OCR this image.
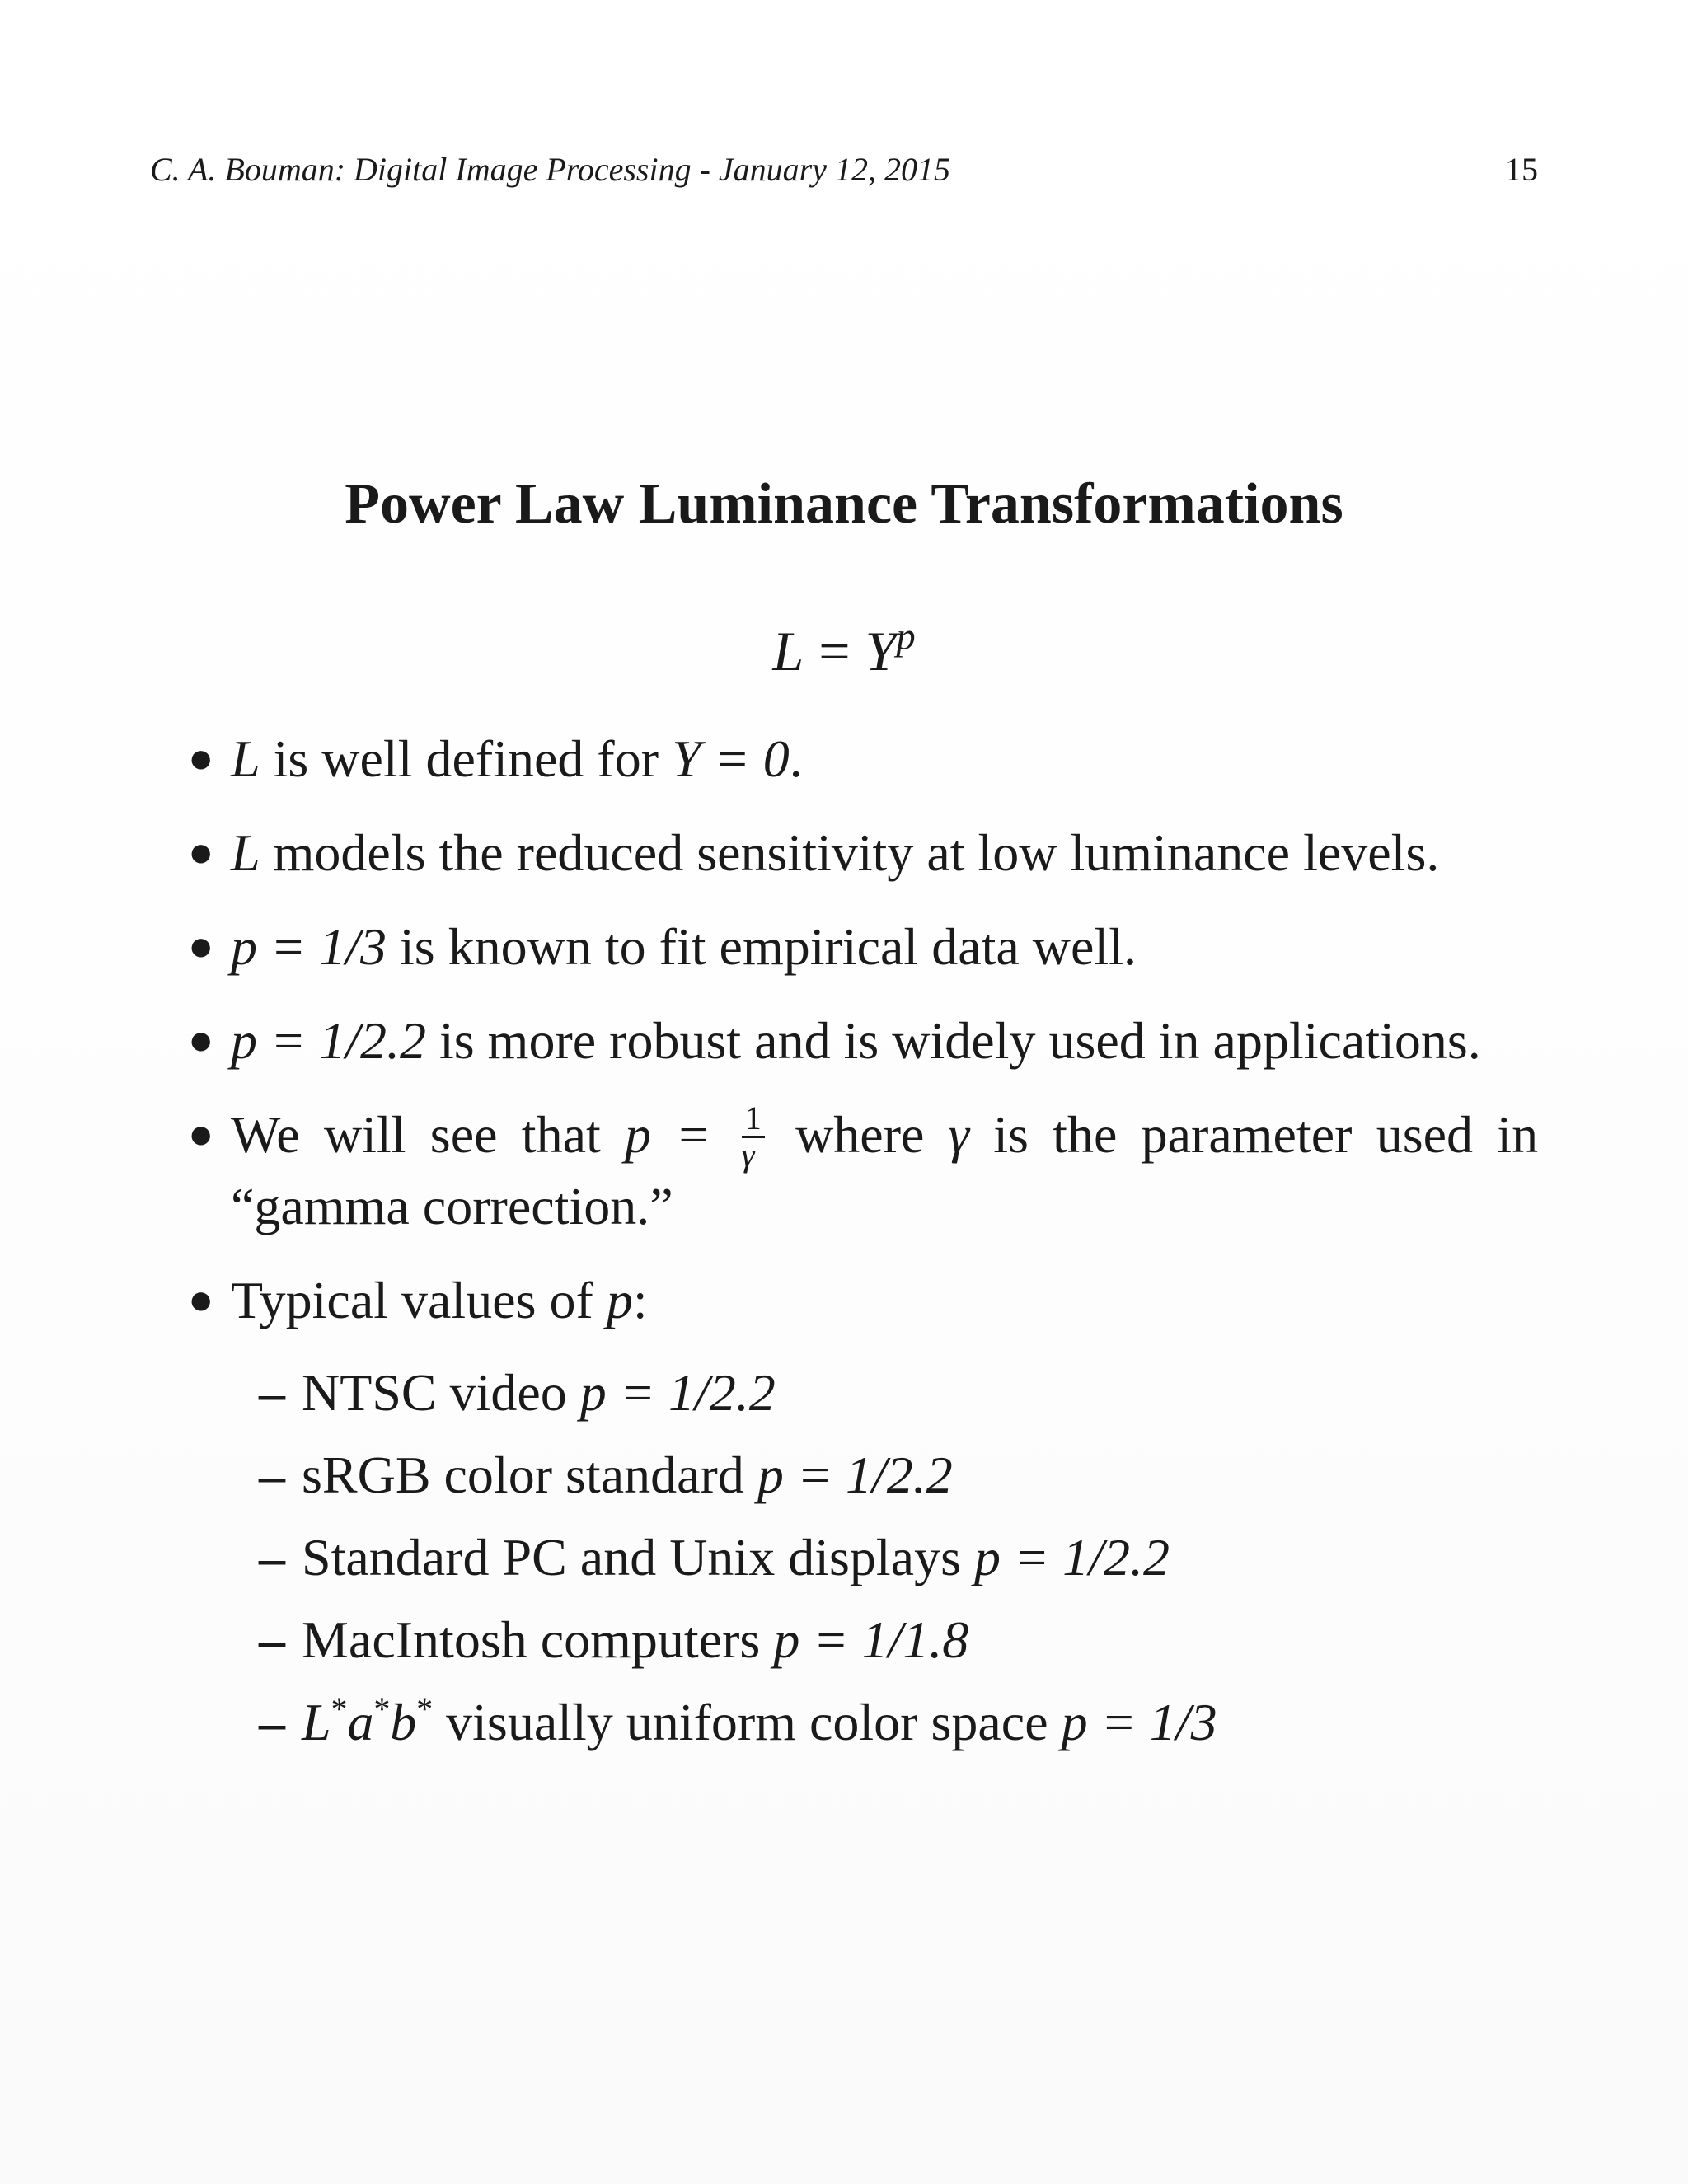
C. A. Bouman: Digital Image Processing - January 12, 2015	15
Power Law Luminance Transformations
$L = Y^p$
● L is well defined for Y = 0.
● L models the reduced sensitivity at low luminance levels.
● p = 1/3 is known to fit empirical data well.
● p = 1/2.2 is more robust and is widely used in applications.
● We will see that $p = \frac{1}{\gamma}$ where γ is the parameter used in “gamma correction.”
● Typical values of p:
– NTSC video p = 1/2.2
– sRGB color standard p = 1/2.2
– Standard PC and Unix displays p = 1/2.2
– MacIntosh computers p = 1/1.8
– L*a*b* visually uniform color space p = 1/3
